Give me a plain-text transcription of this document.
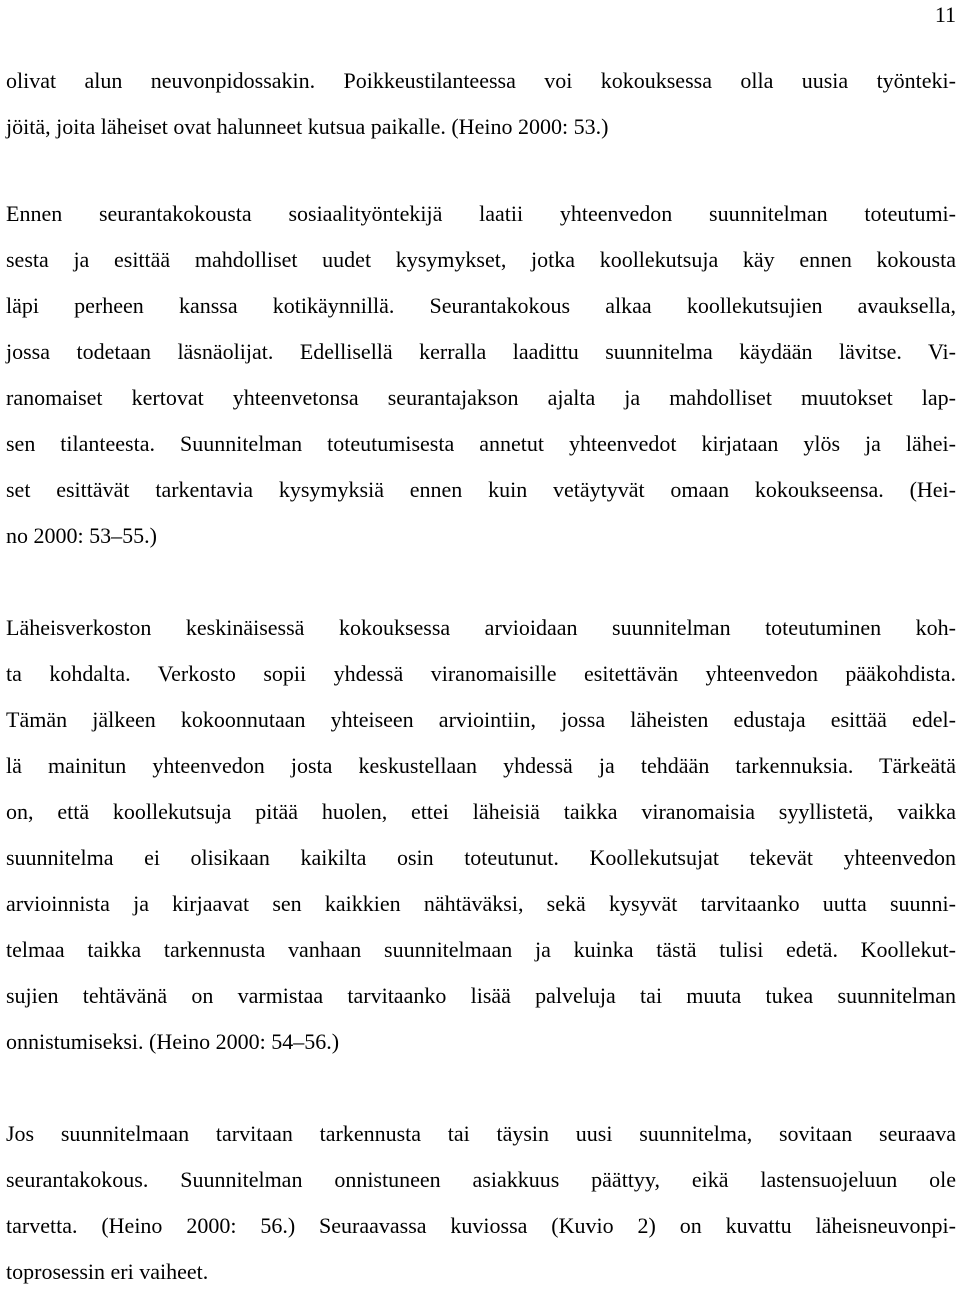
11
olivat alun neuvonpidossakin. Poikkeustilanteessa voi kokouksessa olla uusia työnteki-
jöitä, joita läheiset ovat halunneet kutsua paikalle. (Heino 2000: 53.)
Ennen seurantakokousta sosiaalityöntekijä laatii yhteenvedon suunnitelman toteutumi-
sesta ja esittää mahdolliset uudet kysymykset, jotka koollekutsuja käy ennen kokousta
läpi perheen kanssa kotikäynnillä. Seurantakokous alkaa koollekutsujien avauksella,
jossa todetaan läsnäolijat. Edellisellä kerralla laadittu suunnitelma käydään lävitse. Vi-
ranomaiset kertovat yhteenvetonsa seurantajakson ajalta ja mahdolliset muutokset lap-
sen tilanteesta. Suunnitelman toteutumisesta annetut yhteenvedot kirjataan ylös ja lähei-
set esittävät tarkentavia kysymyksiä ennen kuin vetäytyvät omaan kokoukseensa. (Hei-
no 2000: 53–55.)
Läheisverkoston keskinäisessä kokouksessa arvioidaan suunnitelman toteutuminen koh-
ta kohdalta. Verkosto sopii yhdessä viranomaisille esitettävän yhteenvedon pääkohdista.
Tämän jälkeen kokoonnutaan yhteiseen arviointiin, jossa läheisten edustaja esittää edel-
lä mainitun yhteenvedon josta keskustellaan yhdessä ja tehdään tarkennuksia. Tärkeätä
on, että koollekutsuja pitää huolen, ettei läheisiä taikka viranomaisia syyllistetä, vaikka
suunnitelma ei olisikaan kaikilta osin toteutunut. Koollekutsujat tekevät yhteenvedon
arvioinnista ja kirjaavat sen kaikkien nähtäväksi, sekä kysyvät tarvitaanko uutta suunni-
telmaa taikka tarkennusta vanhaan suunnitelmaan ja kuinka tästä tulisi edetä. Koollekut-
sujien tehtävänä on varmistaa tarvitaanko lisää palveluja tai muuta tukea suunnitelman
onnistumiseksi. (Heino 2000: 54–56.)
Jos suunnitelmaan tarvitaan tarkennusta tai täysin uusi suunnitelma, sovitaan seuraava
seurantakokous. Suunnitelman onnistuneen asiakkuus päättyy, eikä lastensuojeluun ole
tarvetta. (Heino 2000: 56.) Seuraavassa kuviossa (Kuvio 2) on kuvattu läheisneuvonpi-
toprosessin eri vaiheet.
